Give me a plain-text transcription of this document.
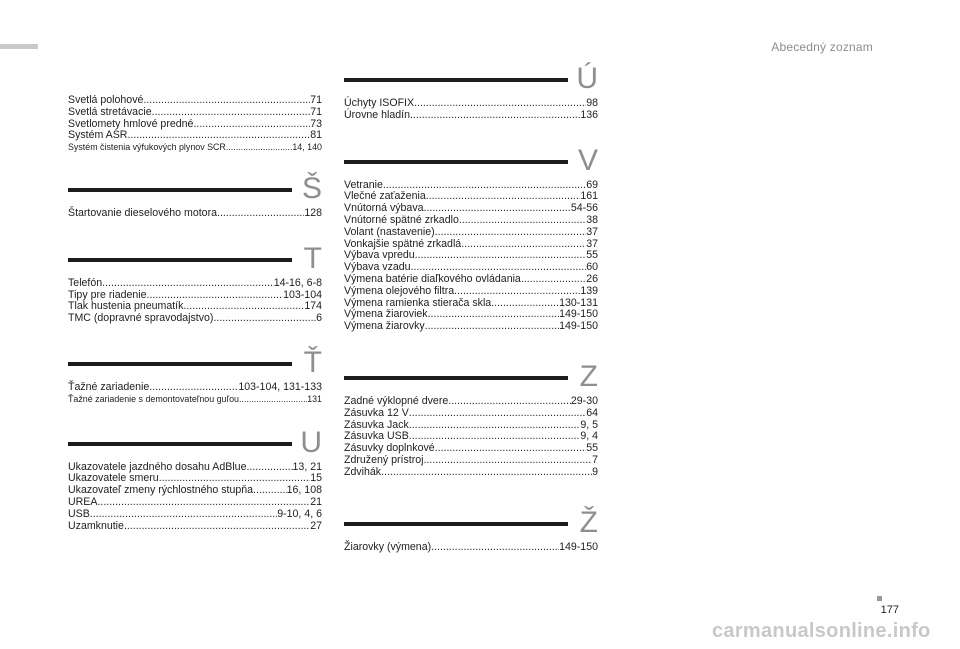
Abecedný zoznam
Svetlá polohové .....	71
Svetlá stretávacie .....	71
Svetlomety hmlové predné .....	73
Systém ASR .....	81
Systém čistenia výfukových plynov SCR .....	14, 140
Š
Štartovanie dieselového motora .....	128
T
Telefón .....	14-16, 6-8
Tipy pre riadenie .....	103-104
Tlak hustenia pneumatík .....	174
TMC (dopravné spravodajstvo) .....	6
Ť
Ťažné zariadenie .....	103-104, 131-133
Ťažné zariadenie s demontovateľnou guľou .....	131
U
Ukazovatele jazdného dosahu AdBlue .....	13, 21
Ukazovatele smeru .....	15
Ukazovateľ zmeny rýchlostného stupňa .....	16, 108
UREA .....	21
USB .....	9-10, 4, 6
Uzamknutie .....	27
Ú
Úchyty ISOFIX .....	98
Úrovne hladín .....	136
V
Vetranie .....	69
Vlečné zaťaženia .....	161
Vnútorná výbava .....	54-56
Vnútorné spätné zrkadlo .....	38
Volant (nastavenie) .....	37
Vonkajšie spätné zrkadlá .....	37
Výbava vpredu .....	55
Výbava vzadu .....	60
Výmena batérie diaľkového ovládania .....	26
Výmena olejového filtra .....	139
Výmena ramienka stierača skla .....	130-131
Výmena žiaroviek .....	149-150
Výmena žiarovky .....	149-150
Z
Zadné výklopné dvere .....	29-30
Zásuvka 12 V .....	64
Zásuvka Jack .....	9, 5
Zásuvka USB .....	9, 4
Zásuvky doplnkové .....	55
Združený prístroj .....	7
Zdvihák .....	9
Ž
Žiarovky (výmena) .....	149-150
177
carmanualsonline.info
